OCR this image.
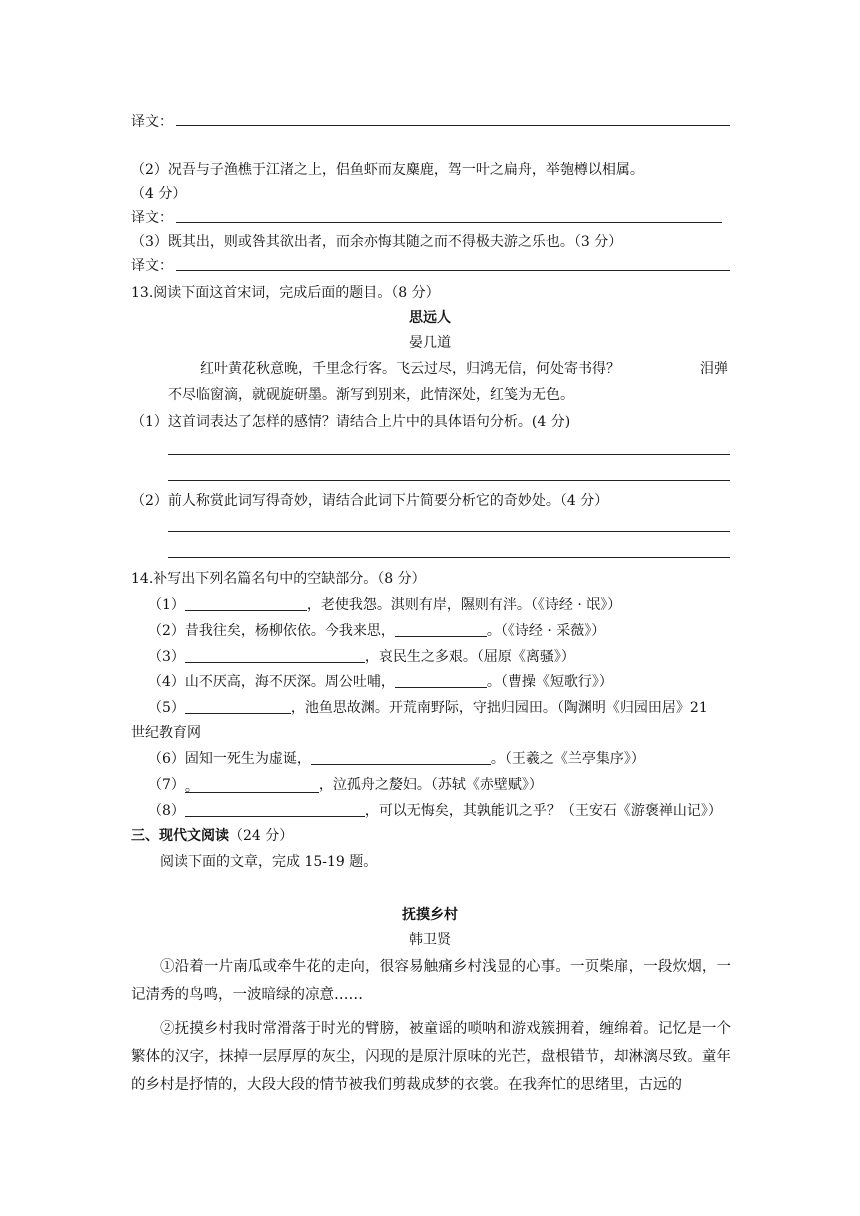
译文：
（2）况吾与子渔樵于江渚之上，侣鱼虾而友麋鹿，驾一叶之扁舟，举匏樽以相属。
（4 分）
译文：
（3）既其出，则或咎其欲出者，而余亦悔其随之而不得极夫游之乐也。（3 分）
译文：
13.阅读下面这首宋词，完成后面的题目。（8 分）
思远人
晏几道
红叶黄花秋意晚，千里念行客。飞云过尽，归鸿无信，何处寄书得？	泪弹
不尽临窗滴，就砚旋研墨。渐写到别来，此情深处，红笺为无色。
（1）这首词表达了怎样的感情？请结合上片中的具体语句分析。(4 分)
（2）前人称赏此词写得奇妙，请结合此词下片简要分析它的奇妙处。（4 分）
14.补写出下列名篇名句中的空缺部分。（8 分）
（1）	，老使我怨。淇则有岸，隰则有泮。（《诗经 · 氓》）
（2）昔我往矣，杨柳依依。今我来思，	。（《诗经 · 采薇》）
（3）	，哀民生之多艰。（屈原《离骚》）
（4）山不厌高，海不厌深。周公吐哺，	。（曹操《短歌行》）
（5）	，池鱼思故渊。开荒南野际，守拙归园田。（陶渊明《归园田居》21
世纪教育网
（6）固知一死生为虚诞，	。（王羲之《兰亭集序》）
（7）。	，泣孤舟之嫠妇。（苏轼《赤壁赋》）
（8）	，可以无悔矣，其孰能讥之乎？（王安石《游褒禅山记》）
三、现代文阅读（24 分）
阅读下面的文章，完成 15-19 题。
抚摸乡村
韩卫贤
①沿着一片南瓜或牵牛花的走向，很容易触痛乡村浅显的心事。一页柴扉，一段炊烟，一记清秀的鸟鸣，一波暗绿的凉意……
②抚摸乡村我时常滑落于时光的臂膀，被童谣的唢呐和游戏簇拥着，缠绵着。记忆是一个繁体的汉字，抹掉一层厚厚的灰尘，闪现的是原汁原味的光芒，盘根错节，却淋漓尽致。童年的乡村是抒情的，大段大段的情节被我们剪裁成梦的衣裳。在我奔忙的思绪里，古远的
